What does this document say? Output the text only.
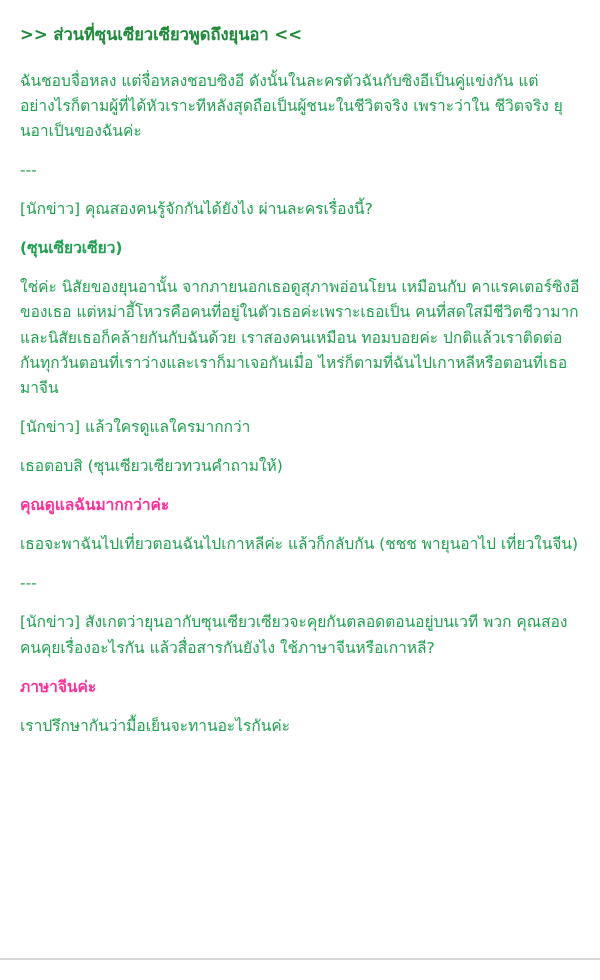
>> ส่วนที่ซุนเซียวเซียวพูดถึงยุนอา <<

ฉันชอบจื่อหลง แต่จื่อหลงชอบซิงอี ดังนั้นในละครตัวฉันกับซิงอีเป็นคู่แข่งกัน แต่อย่างไรก็ตามผู้ที่ได้หัวเราะทีหลังสุดถือเป็นผู้ชนะในชีวิตจริง เพราะว่าใน ชีวิตจริง ยุนอาเป็นของฉันค่ะ

---

[นักข่าว] คุณสองคนรู้จักกันได้ยังไง ผ่านละครเรื่องนี้?

(ซุนเซียวเซียว)

ใช่ค่ะ นิสัยของยุนอานั้น จากภายนอกเธอดูสุภาพอ่อนโยน เหมือนกับ คาแรคเตอร์ซิงอีของเธอ แต่หม่าอี้โหวรคือคนที่อยู่ในตัวเธอค่ะเพราะเธอเป็น คนที่สดใสมีชีวิตชีวามากและนิสัยเธอก็คล้ายกันกับฉันด้วย เราสองคนเหมือน ทอมบอยค่ะ ปกติแล้วเราติดต่อกันทุกวันตอนที่เราว่างและเราก็มาเจอกันเมื่อ ไหร่ก็ตามที่ฉันไปเกาหลีหรือตอนที่เธอมาจีน

[นักข่าว] แล้วใครดูแลใครมากกว่า

เธอตอบสิ (ซุนเซียวเซียวทวนคำถามให้)

คุณดูแลฉันมากกว่าค่ะ

เธอจะพาฉันไปเที่ยวตอนฉันไปเกาหลีค่ะ แล้วก็กลับกัน (ชชช พายุนอาไป เที่ยวในจีน)

---

[นักข่าว] สังเกตว่ายุนอากับซุนเซียวเซียวจะคุยกันตลอดตอนอยู่บนเวที พวก คุณสองคนคุยเรื่องอะไรกัน แล้วสื่อสารกันยังไง ใช้ภาษาจีนหรือเกาหลี?

ภาษาจีนค่ะ

เราปรึกษากันว่ามื้อเย็นจะทานอะไรกันค่ะ
